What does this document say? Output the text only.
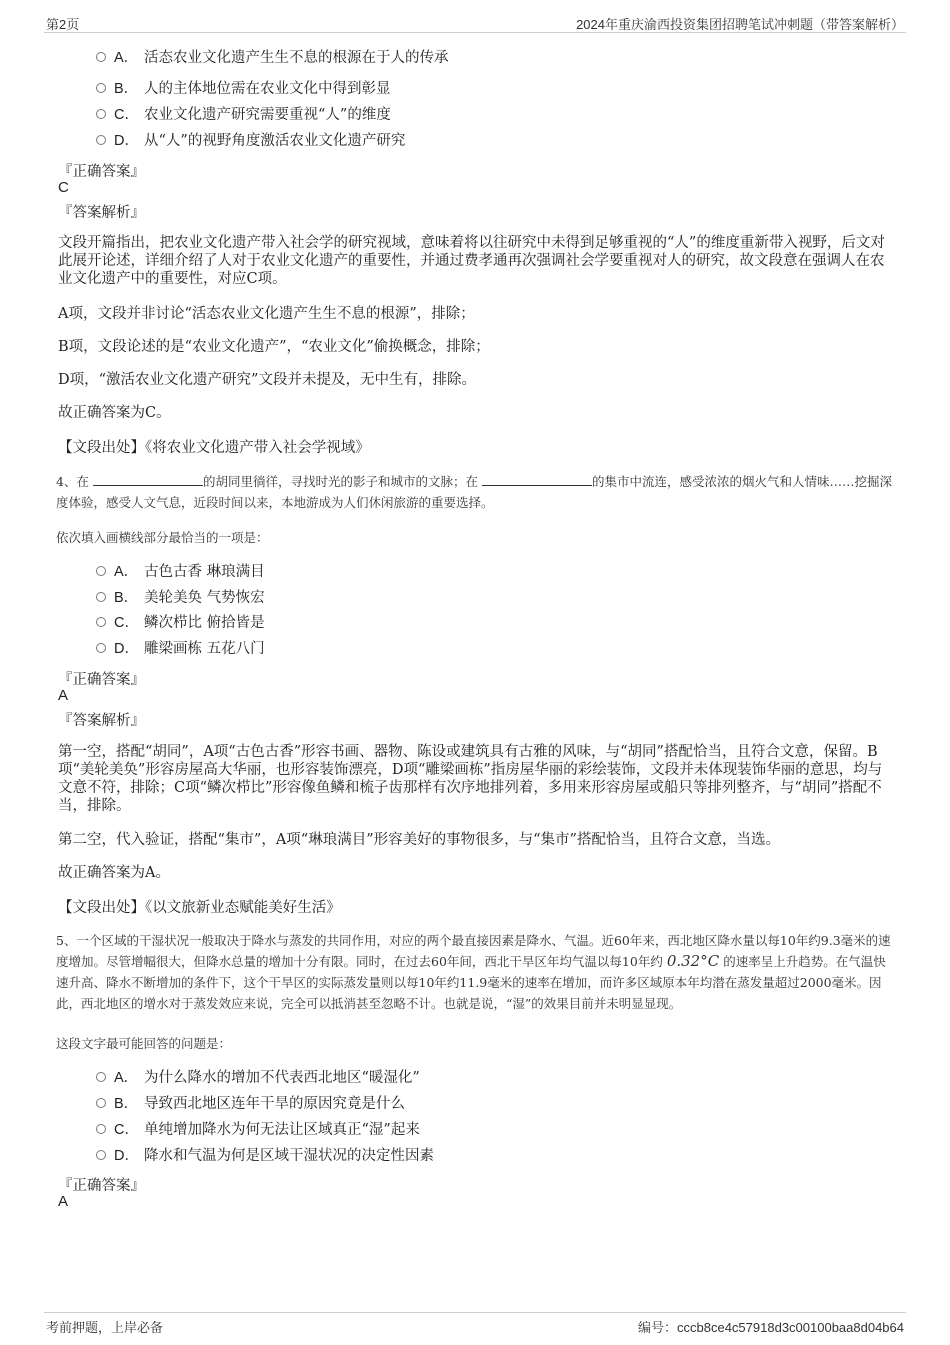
第2页	2024年重庆渝西投资集团招聘笔试冲刺题（带答案解析）
A． 活态农业文化遗产生生不息的根源在于人的传承
B． 人的主体地位需在农业文化中得到彰显
C． 农业文化遗产研究需要重视“人”的维度
D． 从“人”的视野角度激活农业文化遗产研究
『正确答案』
C
『答案解析』
文段开篇指出，把农业文化遗产带入社会学的研究视域，意味着将以往研究中未得到足够重视的“人”的维度重新带入视野，后文对此展开论述，详细介绍了人对于农业文化遗产的重要性，并通过费孝通再次强调社会学要重视对人的研究，故文段意在强调人在农业文化遗产中的重要性，对应C项。
A项，文段并非讨论“活态农业文化遗产生生不息的根源”，排除；
B项，文段论述的是“农业文化遗产”，“农业文化”偷换概念，排除；
D项，“激活农业文化遗产研究”文段并未提及，无中生有，排除。
故正确答案为C。
【文段出处】《将农业文化遗产带入社会学视域》
4、在	的胡同里徜徉，寻找时光的影子和城市的文脉；在	的集市中流连，感受浓浓的烟火气和人情味……挖掘深度体验，感受人文气息，近段时间以来，本地游成为人们休闲旅游的重要选择。
依次填入画横线部分最恰当的一项是：
A． 古色古香 琳琅满目
B． 美轮美奂 气势恢宏
C． 鳞次栉比 俯拾皆是
D． 雕梁画栋 五花八门
『正确答案』
A
『答案解析』
第一空，搭配“胡同”，A项“古色古香”形容书画、器物、陈设或建筑具有古雅的风味，与“胡同”搭配恰当，且符合文意，保留。B项“美轮美奂”形容房屋高大华丽，也形容装饰漂亮，D项“雕梁画栋”指房屋华丽的彩绘装饰，文段并未体现装饰华丽的意思，均与文意不符，排除；C项“鳞次栉比”形容像鱼鳞和梳子齿那样有次序地排列着，多用来形容房屋或船只等排列整齐，与“胡同”搭配不当，排除。
第二空，代入验证，搭配“集市”，A项“琳琅满目”形容美好的事物很多，与“集市”搭配恰当，且符合文意，当选。
故正确答案为A。
【文段出处】《以文旅新业态赋能美好生活》
5、一个区域的干湿状况一般取决于降水与蒸发的共同作用，对应的两个最直接因素是降水、气温。近60年来，西北地区降水量以每10年约9.3毫米的速度增加。尽管增幅很大，但降水总量的增加十分有限。同时，在过去60年间，西北干旱区年均气温以每10年约 0.32°C 的速率呈上升趋势。在气温快速升高、降水不断增加的条件下，这个干旱区的实际蒸发量则以每10年约11.9毫米的速率在增加，而许多区域原本年均潜在蒸发量超过2000毫米。因此，西北地区的增水对于蒸发效应来说，完全可以抵消甚至忽略不计。也就是说，“湿”的效果目前并未明显显现。
这段文字最可能回答的问题是：
A． 为什么降水的增加不代表西北地区“暖湿化”
B． 导致西北地区连年干旱的原因究竟是什么
C． 单纯增加降水为何无法让区域真正“湿”起来
D． 降水和气温为何是区域干湿状况的决定性因素
『正确答案』
A
考前押题，上岸必备	编号：cccb8ce4c57918d3c00100baa8d04b64
